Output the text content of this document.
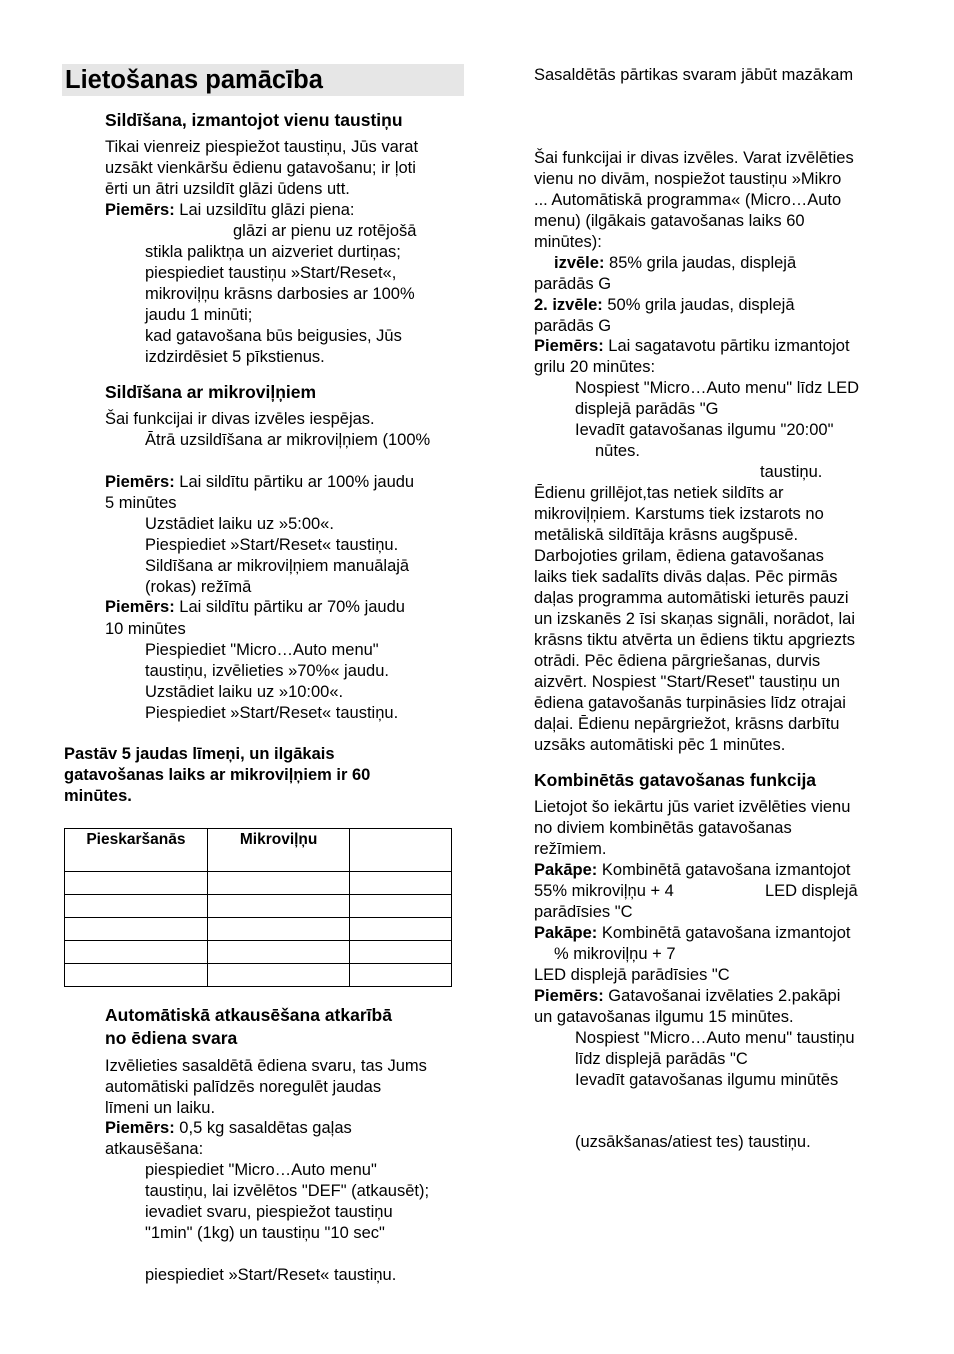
Lietošanas pamācība
Sildīšana, izmantojot vienu taustiņu
Tikai vienreiz piespiežot taustiņu, Jūs varat
uzsākt vienkāršu ēdienu gatavošanu; ir ļoti
ērti un ātri uzsildīt glāzi ūdens utt.
Piemērs: Lai uzsildītu glāzi piena:
glāzi ar pienu uz rotējošā
stikla paliktņa un aizveriet durtiņas;
piespiediet taustiņu »Start/Reset«,
mikroviļņu krāsns darbosies ar 100%
jaudu 1 minūti;
kad gatavošana būs beigusies, Jūs
izdzirdēsiet 5 pīkstienus.
Sildīšana ar mikroviļņiem
Šai funkcijai ir divas izvēles iespējas.
Ātrā uzsildīšana ar mikroviļņiem (100%
Piemērs: Lai sildītu pārtiku ar 100% jaudu
5 minūtes
Uzstādiet laiku uz »5:00«.
Piespiediet »Start/Reset« taustiņu.
Sildīšana ar mikroviļņiem manuālajā
(rokas) režīmā
Piemērs: Lai sildītu pārtiku ar 70% jaudu
10 minūtes
Piespiediet "Micro…Auto menu"
taustiņu, izvēlieties »70%« jaudu.
Uzstādiet laiku uz »10:00«.
Piespiediet »Start/Reset« taustiņu.
Pastāv 5 jaudas līmeņi, un ilgākais
gatavošanas laiks ar mikroviļņiem ir 60
minūtes.
Pieskaršanās	Mikroviļņu	

Automātiskā atkausēšana atkarībā
no ēdiena svara
Izvēlieties sasaldētā ēdiena svaru, tas Jums
automātiski palīdzēs noregulēt jaudas
līmeni un laiku.
Piemērs: 0,5 kg sasaldētas gaļas
atkausēšana:
piespiediet "Micro…Auto menu"
taustiņu, lai izvēlētos "DEF" (atkausēt);
ievadiet svaru, piespiežot taustiņu
"1min" (1kg) un taustiņu "10 sec"
piespiediet »Start/Reset« taustiņu.
Sasaldētās pārtikas svaram jābūt mazākam
Šai funkcijai ir divas izvēles. Varat izvēlēties
vienu no divām, nospiežot taustiņu »Mikro
... Automātiskā programma« (Micro…Auto
menu) (ilgākais gatavošanas laiks 60
minūtes):
izvēle: 85% grila jaudas, displejā
parādās G
2. izvēle: 50% grila jaudas, displejā
parādās G
Piemērs: Lai sagatavotu pārtiku izmantojot
grilu 20 minūtes:
Nospiest "Micro…Auto menu" līdz LED
displejā parādās "G
Ievadīt gatavošanas ilgumu "20:00"
nūtes.
taustiņu.
Ēdienu grillējot,tas netiek sildīts ar
mikroviļņiem. Karstums tiek izstarots no
metāliskā sildītāja krāsns augšpusē.
Darbojoties grilam, ēdiena gatavošanas
laiks tiek sadalīts divās daļas. Pēc pirmās
daļas programma automātiski ieturēs pauzi
un izskanēs 2 īsi skaņas signāli, norādot, lai
krāsns tiktu atvērta un ēdiens tiktu apgriezts
otrādi. Pēc ēdiena pārgriešanas, durvis
aizvērt. Nospiest "Start/Reset" taustiņu un
ēdiena gatavošanās turpināsies līdz otrajai
daļai. Ēdienu nepārgriežot, krāsns darbītu
uzsāks automātiski pēc 1 minūtes.
Kombinētās gatavošanas funkcija
Lietojot šo iekārtu jūs variet izvēlēties vienu
no diviem kombinētās gatavošanas
režīmiem.
Pakāpe: Kombinētā gatavošana izmantojot
55% mikroviļņu + 4	LED displejā
parādīsies "C
Pakāpe: Kombinētā gatavošana izmantojot
% mikroviļņu + 7
LED displejā parādīsies "C
Piemērs: Gatavošanai izvēlaties 2.pakāpi
un gatavošanas ilgumu 15 minūtes.
Nospiest "Micro…Auto menu" taustiņu
līdz displejā parādās "C
Ievadīt gatavošanas ilgumu minūtēs
(uzsākšanas/atiest tes) taustiņu.
